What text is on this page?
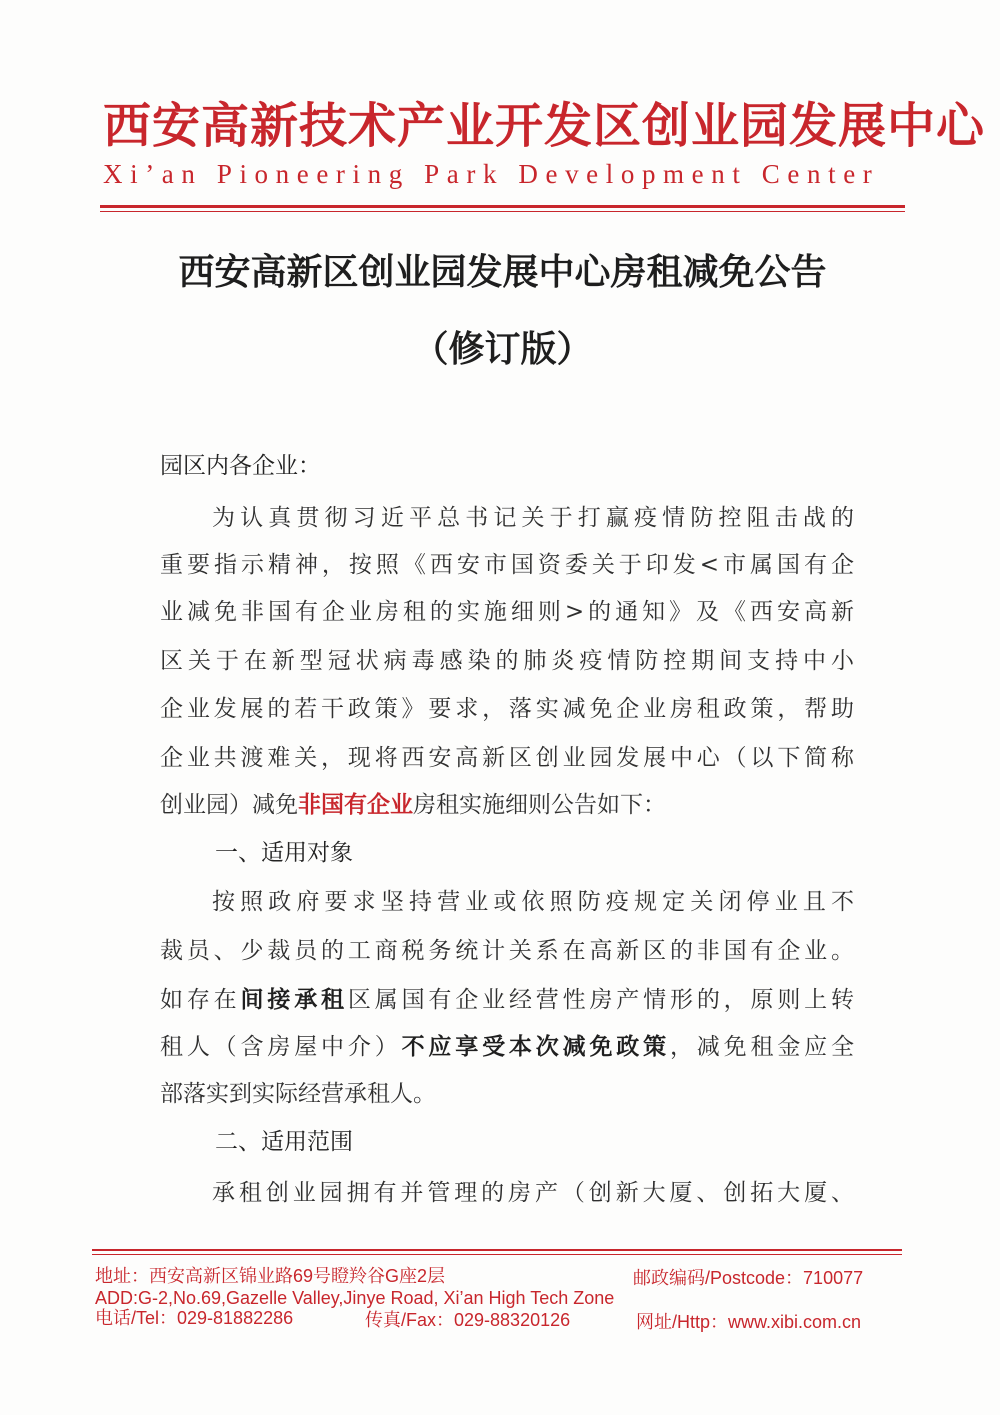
西安高新技术产业开发区创业园发展中心
Xi’an Pioneering Park Development Center
西安高新区创业园发展中心房租减免公告
（修订版）
园区内各企业：
为认真贯彻习近平总书记关于打赢疫情防控阻击战的
重要指示精神，按照《西安市国资委关于印发<市属国有企
业减免非国有企业房租的实施细则>的通知》及《西安高新
区关于在新型冠状病毒感染的肺炎疫情防控期间支持中小
企业发展的若干政策》要求，落实减免企业房租政策，帮助
企业共渡难关，现将西安高新区创业园发展中心（以下简称
创业园）减免非国有企业房租实施细则公告如下：
一、适用对象
按照政府要求坚持营业或依照防疫规定关闭停业且不
裁员、少裁员的工商税务统计关系在高新区的非国有企业。
如存在间接承租区属国有企业经营性房产情形的，原则上转
租人（含房屋中介）不应享受本次减免政策，减免租金应全
部落实到实际经营承租人。
二、适用范围
承租创业园拥有并管理的房产（创新大厦、创拓大厦、
地址：西安高新区锦业路69号瞪羚谷G座2层	邮政编码/Postcode：710077
ADD:G-2,No.69,Gazelle Valley,Jinye Road, Xi’an High Tech Zone
电话/Tel：029-81882286	传真/Fax：029-88320126	网址/Http：www.xibi.com.cn
